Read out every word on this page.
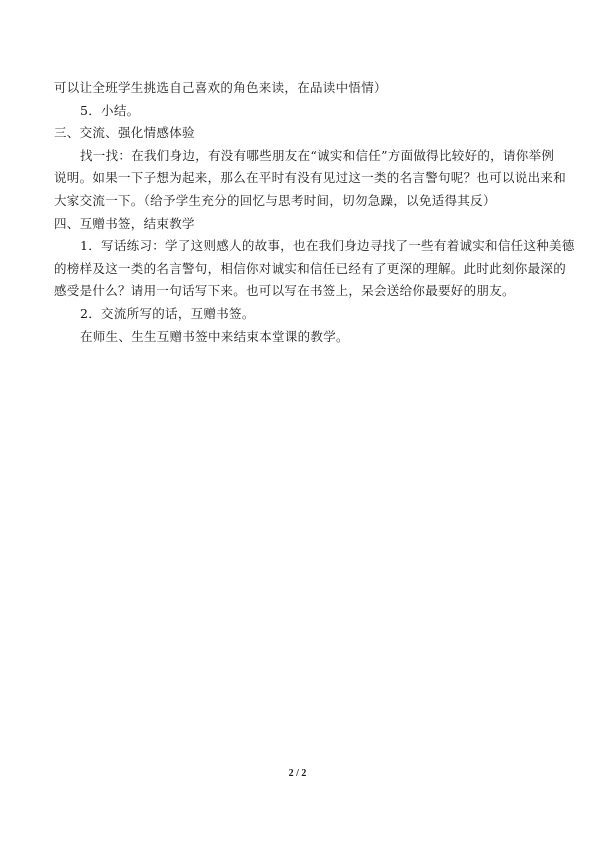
可以让全班学生挑选自己喜欢的角色来读，在品读中悟情）
5．小结。
三、交流、强化情感体验
找一找：在我们身边，有没有哪些朋友在“诚实和信任”方面做得比较好的，请你举例
说明。如果一下子想为起来，那么在平时有没有见过这一类的名言警句呢？也可以说出来和
大家交流一下。（给予学生充分的回忆与思考时间，切勿急躁，以免适得其反）
四、互赠书签，结束教学
1．写话练习：学了这则感人的故事，也在我们身边寻找了一些有着诚实和信任这种美德
的榜样及这一类的名言警句，相信你对诚实和信任已经有了更深的理解。此时此刻你最深的
感受是什么？请用一句话写下来。也可以写在书签上，呆会送给你最要好的朋友。
2．交流所写的话，互赠书签。
在师生、生生互赠书签中来结束本堂课的教学。
2 / 2
